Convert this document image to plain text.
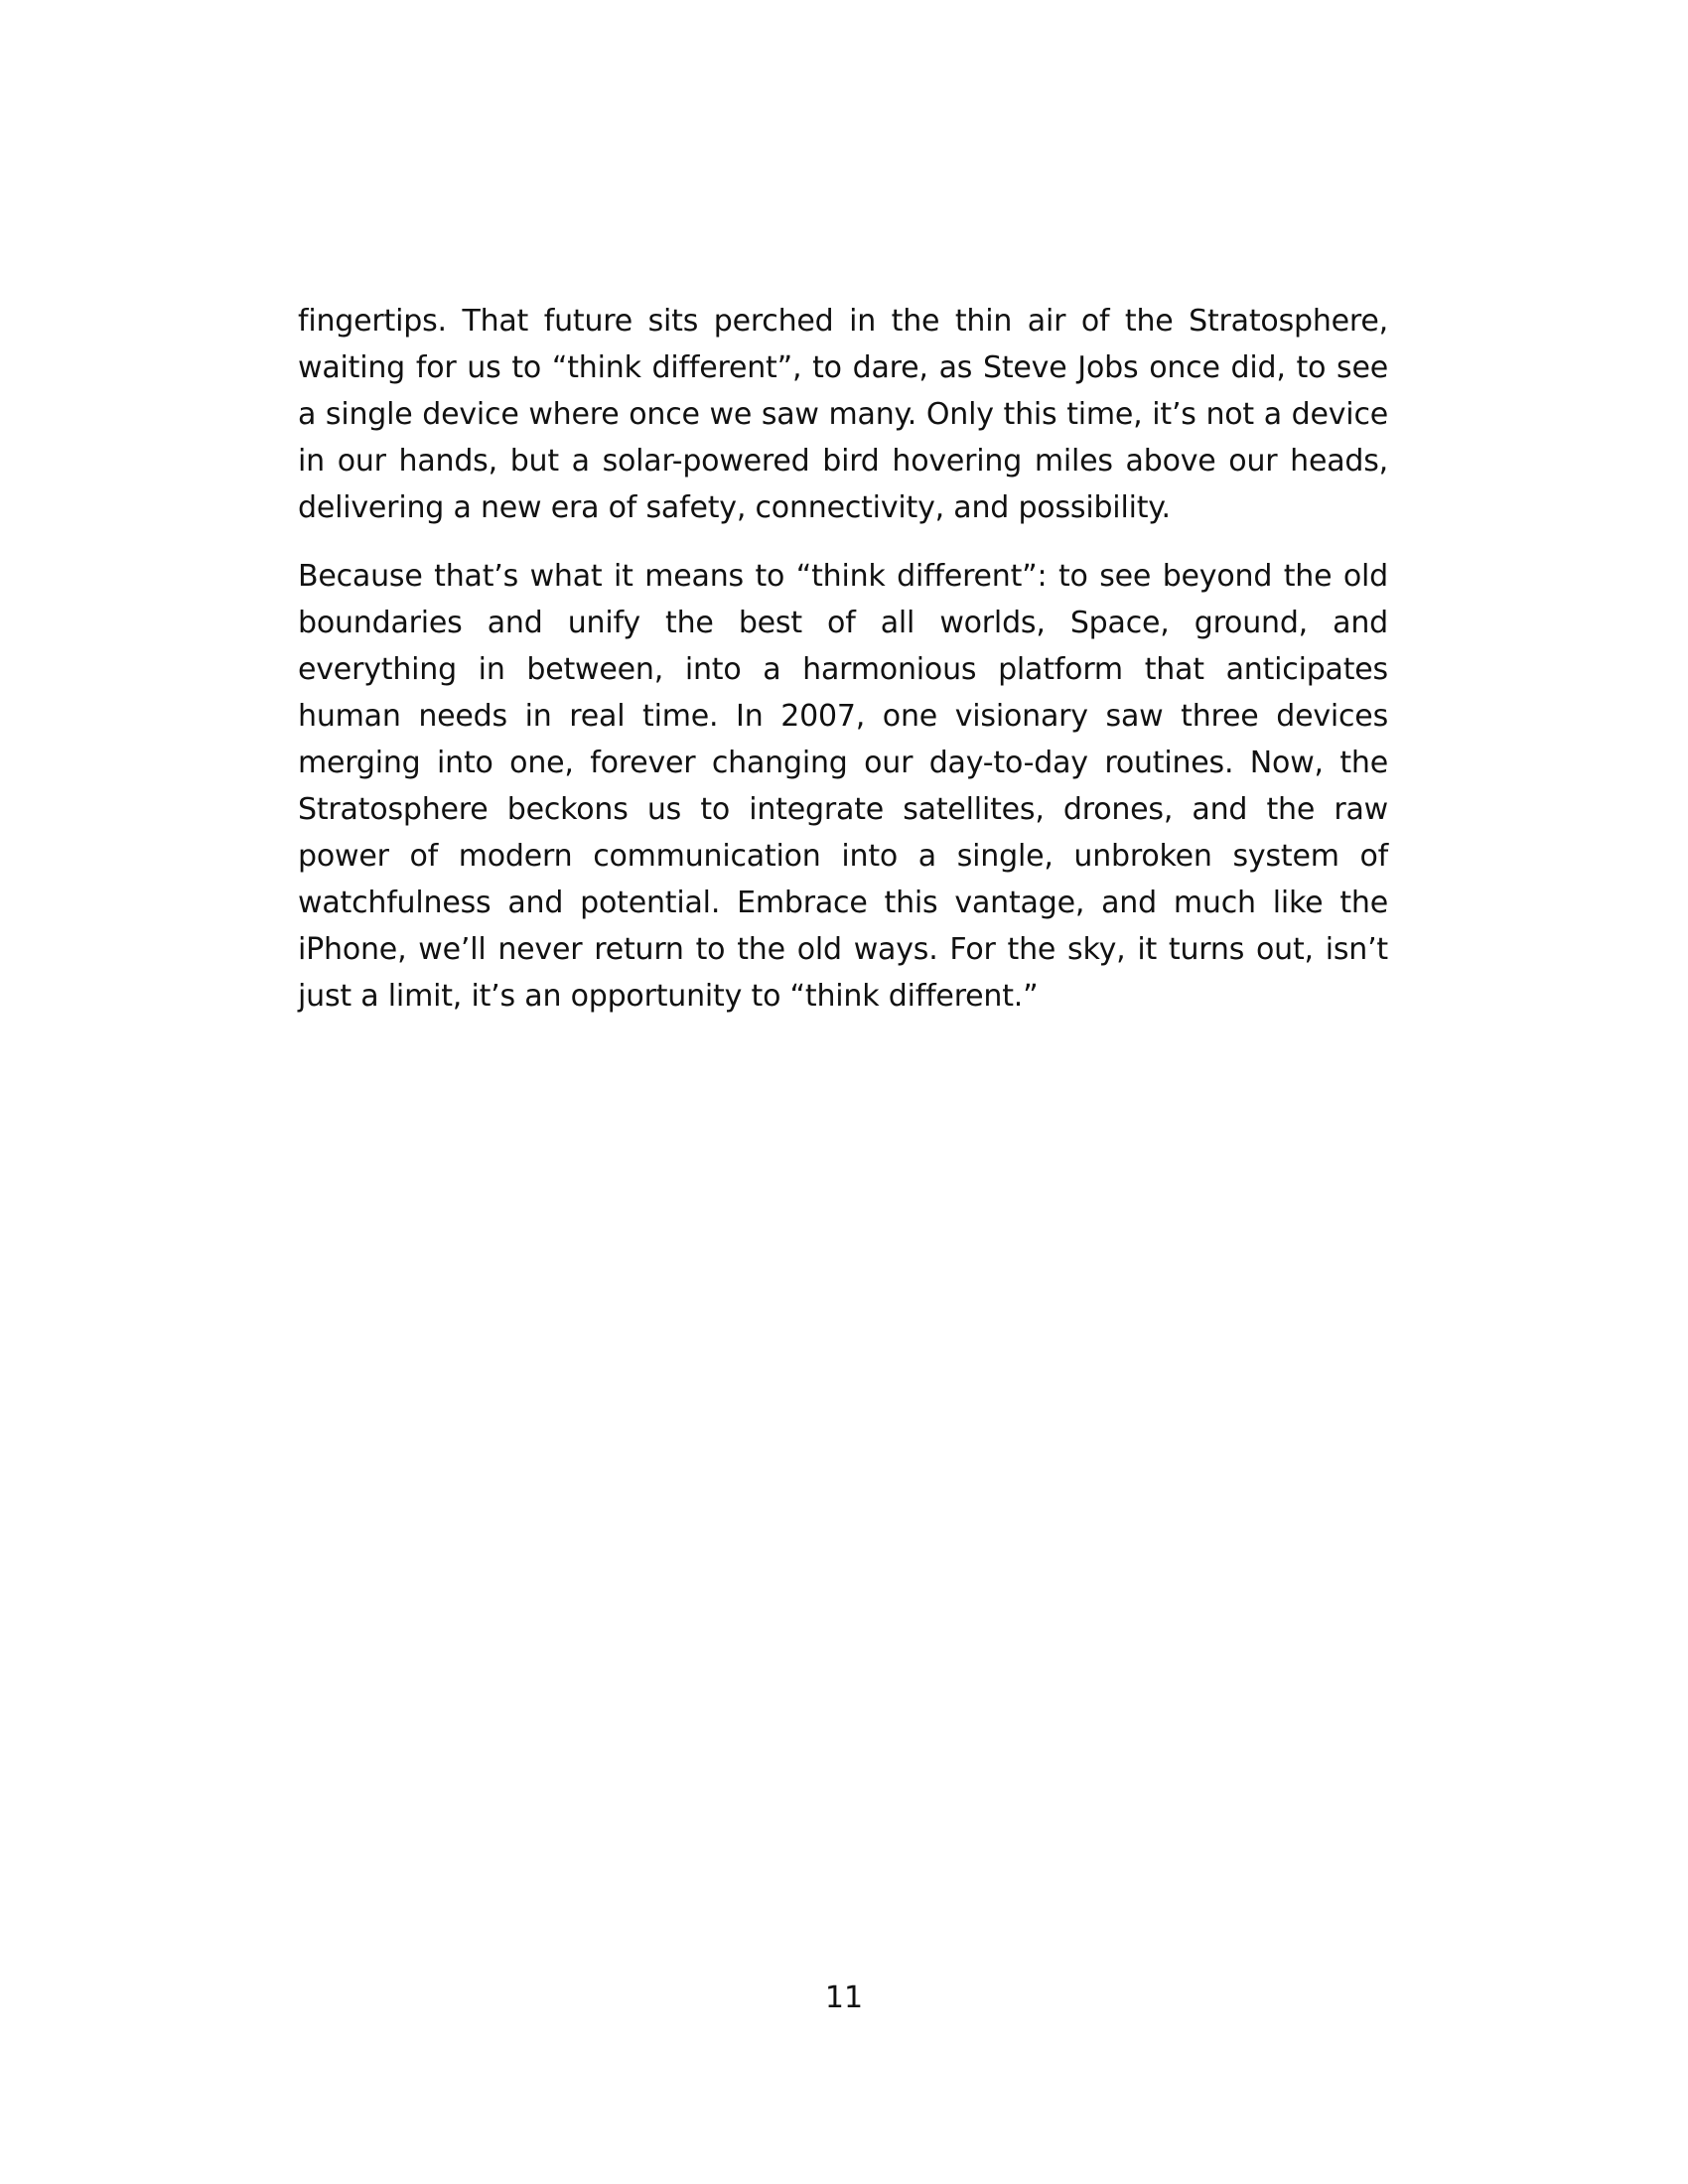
fingertips. That future sits perched in the thin air of the Stratosphere, waiting for us to “think different”, to dare, as Steve Jobs once did, to see a single device where once we saw many. Only this time, it’s not a device in our hands, but a solar-powered bird hovering miles above our heads, delivering a new era of safety, connectivity, and possibility.

Because that’s what it means to “think different”: to see beyond the old boundaries and unify the best of all worlds, Space, ground, and everything in between, into a harmonious platform that anticipates human needs in real time. In 2007, one visionary saw three devices merging into one, forever changing our day-to-day routines. Now, the Stratosphere beckons us to integrate satellites, drones, and the raw power of modern communication into a single, unbroken system of watchfulness and potential. Embrace this vantage, and much like the iPhone, we’ll never return to the old ways. For the sky, it turns out, isn’t just a limit, it’s an opportunity to “think different.”

11
